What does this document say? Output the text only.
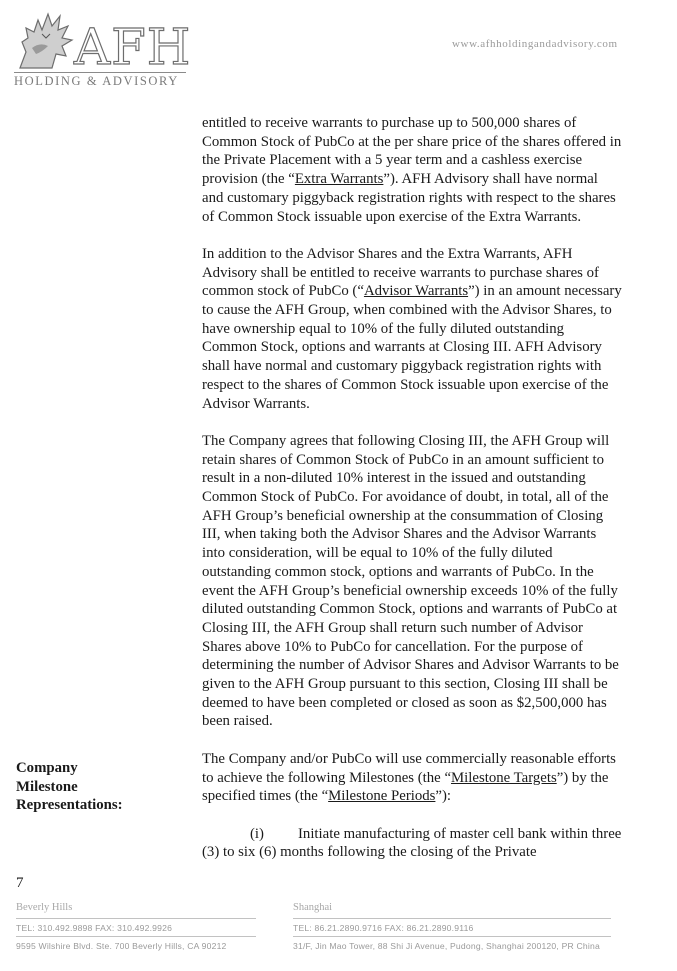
AFH
HOLDING & ADVISORY
www.afhholdingandadvisory.com

entitled to receive warrants to purchase up to 500,000 shares of Common Stock of PubCo at the per share price of the shares offered in the Private Placement with a 5 year term and a cashless exercise provision (the “Extra Warrants”). AFH Advisory shall have normal and customary piggyback registration rights with respect to the shares of Common Stock issuable upon exercise of the Extra Warrants.

In addition to the Advisor Shares and the Extra Warrants, AFH Advisory shall be entitled to receive warrants to purchase shares of common stock of PubCo (“Advisor Warrants”) in an amount necessary to cause the AFH Group, when combined with the Advisor Shares, to have ownership equal to 10% of the fully diluted outstanding Common Stock, options and warrants at Closing III. AFH Advisory shall have normal and customary piggyback registration rights with respect to the shares of Common Stock issuable upon exercise of the Advisor Warrants.

The Company agrees that following Closing III, the AFH Group will retain shares of Common Stock of PubCo in an amount sufficient to result in a non-diluted 10% interest in the issued and outstanding Common Stock of PubCo. For avoidance of doubt, in total, all of the AFH Group’s beneficial ownership at the consummation of Closing III, when taking both the Advisor Shares and the Advisor Warrants into consideration, will be equal to 10% of the fully diluted outstanding common stock, options and warrants of PubCo. In the event the AFH Group’s beneficial ownership exceeds 10% of the fully diluted outstanding Common Stock, options and warrants of PubCo at Closing III, the AFH Group shall return such number of Advisor Shares above 10% to PubCo for cancellation. For the purpose of determining the number of Advisor Shares and Advisor Warrants to be given to the AFH Group pursuant to this section, Closing III shall be deemed to have been completed or closed as soon as $2,500,000 has been raised.

The Company and/or PubCo will use commercially reasonable efforts to achieve the following Milestones (the “Milestone Targets”) by the specified times (the “Milestone Periods”):

(i) Initiate manufacturing of master cell bank within three (3) to six (6) months following the closing of the Private

Company
Milestone
Representations:
7
Beverly Hills
TEL: 310.492.9898 FAX: 310.492.9926
9595 Wilshire Blvd. Ste. 700 Beverly Hills, CA 90212
Shanghai
TEL: 86.21.2890.9716 FAX: 86.21.2890.9116
31/F, Jin Mao Tower, 88 Shi Ji Avenue, Pudong, Shanghai 200120, PR China
